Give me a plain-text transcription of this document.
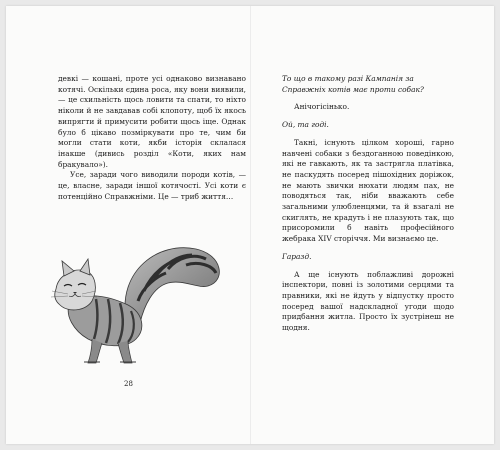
девкі — кошані, проте усі однаково визнавано котячі. Оскільки єдина роса, яку вони виявили, — це схильність щось ловити та спати, то ніхто ніколи й не завдавав собі клопоту, щоб їх якось випрягти й примусити робити щось іще. Однак було б цікаво позміркувати про те, чим би могли стати коти, якби історія склалася інакше (дивись розділ «Коти, яких нам бракувало»).

Усе, заради чого виводили породи котів, — це, власне, заради іншої котячості. Усі коти є потенційно Справжніми. Це — триб життя…

28

То що в такому разі Кампанія за Справжніх котів має проти собак?

Анічогісінько.

Ой, та годі.

Такні, існують цілком хороші, гарно навчені собаки з бездоганною поведінкою, які не гавкають, як та застрягла платівка, не паскудять посеред пішохідних доріжок, не мають звички нюхати людям пах, не поводяться так, ніби вважають себе загальними улюбленцями, та й взагалі не скиглять, не крадуть і не плазують так, що присоромили б навіть професійного жебрака XIV сторіччя. Ми визнаємо це.

Гаразд.

А ще існують поблажливі дорожні інспектори, повні із золотими серцями та правники, які не йдуть у відпустку просто посеред вашої надскладної угоди щодо придбання житла. Просто їх зустрінеш не щодня.
